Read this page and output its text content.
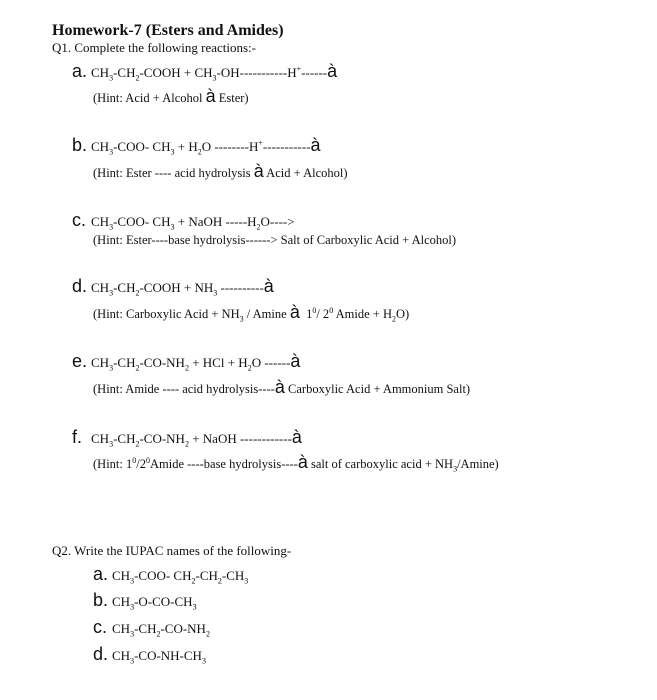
Homework-7 (Esters and Amides)
Q1. Complete the following reactions:-
a. $CH_3-CH_2$-COOH + $CH_3-OH-----------H^+------à$
(Hint: Acid + Alcohol à Ester)
b. $CH_3-COO-$ $CH_3 + H_2O$ --------H+-----------à
(Hint: Ester ---- acid hydrolysis à Acid + Alcohol)
c. $CH_3-COO-$ $CH_3$ + NaOH $-----H_2O---->$
(Hint: Ester----base hydrolysis------> Salt of Carboxylic Acid + Alcohol)
d. $CH_3-CH_2$-COOH + $NH_3$ ----------à
(Hint: Carboxylic Acid + $NH_3$ / Amine à $1^0/$ $2^0$ Amide + $H_2O$)
e. $CH_3-CH_2-CO-NH_2$ + HCl + $H_2O$ ------à
(Hint: Amide ---- acid hydrolysis----à Carboxylic Acid + Ammonium Salt)
f. $CH_3-CH_2-CO-NH_2$ + NaOH ------------à
(Hint: $1^0/2^0Amide$ ----base hydrolysis----à salt of carboxylic acid + $NH_3/Amine$)
Q2. Write the IUPAC names of the following-
a. $CH_3-COO-$ $CH_2-CH_2-CH_3$
b. $CH_3-O-CO-CH_3$
c. $CH_3-CH_2-CO-NH_2$
d. $CH_3-CO-NH-CH_3$
